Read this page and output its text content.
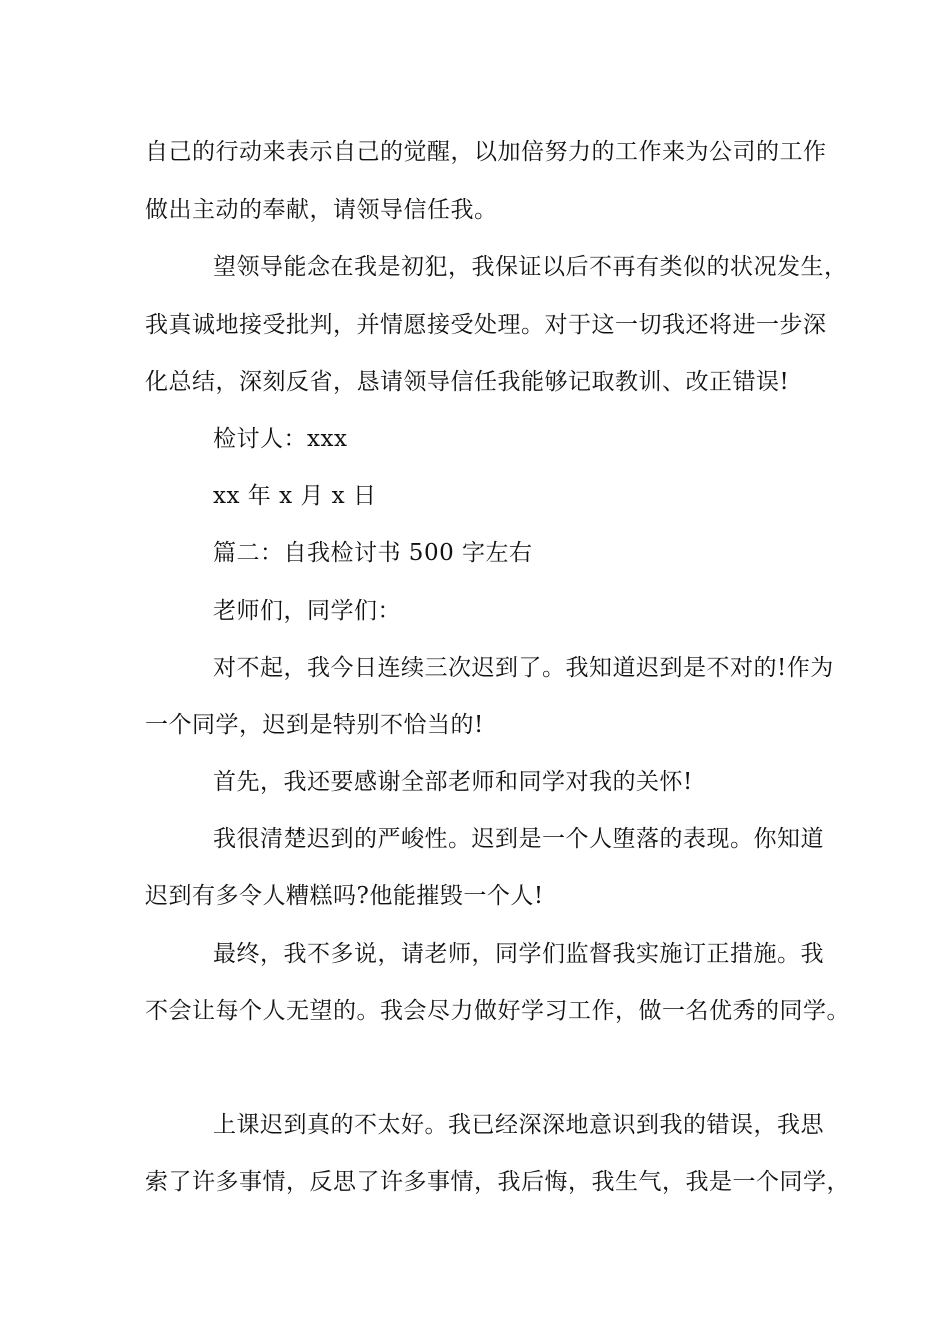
自己的行动来表示自己的觉醒，以加倍努力的工作来为公司的工作
做出主动的奉献，请领导信任我。
望领导能念在我是初犯，我保证以后不再有类似的状况发生，
我真诚地接受批判，并情愿接受处理。对于这一切我还将进一步深
化总结，深刻反省，恳请领导信任我能够记取教训、改正错误!
检讨人：xxx
xx 年 x 月 x 日
篇二：自我检讨书 500 字左右
老师们，同学们：
对不起，我今日连续三次迟到了。我知道迟到是不对的!作为
一个同学，迟到是特别不恰当的!
首先，我还要感谢全部老师和同学对我的关怀!
我很清楚迟到的严峻性。迟到是一个人堕落的表现。你知道
迟到有多令人糟糕吗?他能摧毁一个人!
最终，我不多说，请老师，同学们监督我实施订正措施。我
不会让每个人无望的。我会尽力做好学习工作，做一名优秀的同学。
上课迟到真的不太好。我已经深深地意识到我的错误，我思
索了许多事情，反思了许多事情，我后悔，我生气，我是一个同学，
